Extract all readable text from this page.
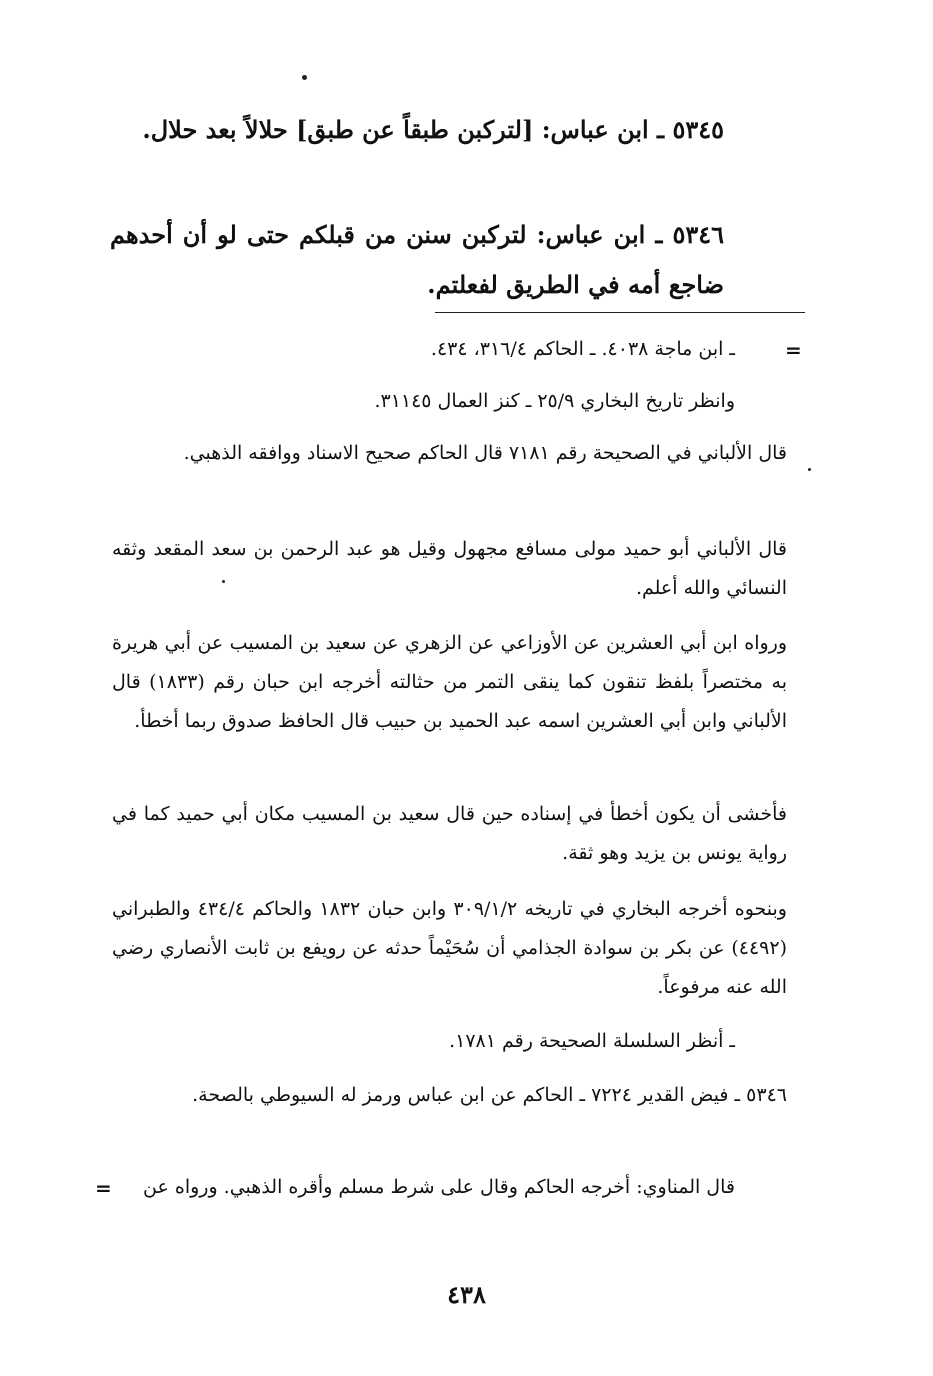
٥٣٤٥ ـ ابن عباس: [لتركبن طبقاً عن طبق] حلالاً بعد حلال.
٥٣٤٦ ـ ابن عباس: لتركبن سنن من قبلكم حتى لو أن أحدهم ضاجع أمه في الطريق لفعلتم.
=
ـ ابن ماجة ٤٠٣٨. ـ الحاكم ٣١٦/٤، ٤٣٤.
وانظر تاريخ البخاري ٢٥/٩ ـ كنز العمال ٣١١٤٥.
قال الألباني في الصحيحة رقم ٧١٨١ قال الحاكم صحيح الاسناد ووافقه الذهبي.
قال الألباني أبو حميد مولى مسافع مجهول وقيل هو عبد الرحمن بن سعد المقعد وثقه النسائي والله أعلم.
ورواه ابن أبي العشرين عن الأوزاعي عن الزهري عن سعيد بن المسيب عن أبي هريرة به مختصراً بلفظ تنقون كما ينقى التمر من حثالته أخرجه ابن حبان رقم (١٨٣٣) قال الألباني وابن أبي العشرين اسمه عبد الحميد بن حبيب قال الحافظ صدوق ربما أخطأ.
فأخشى أن يكون أخطأ في إسناده حين قال سعيد بن المسيب مكان أبي حميد كما في رواية يونس بن يزيد وهو ثقة.
وبنحوه أخرجه البخاري في تاريخه ٣٠٩/١/٢ وابن حبان ١٨٣٢ والحاكم ٤٣٤/٤ والطبراني (٤٤٩٢) عن بكر بن سوادة الجذامي أن سُحَيْماً حدثه عن رويفع بن ثابت الأنصاري رضي الله عنه مرفوعاً.
ـ أنظر السلسلة الصحيحة رقم ١٧٨١.
٥٣٤٦ ـ فيض القدير ٧٢٢٤ ـ الحاكم عن ابن عباس ورمز له السيوطي بالصحة.
قال المناوي: أخرجه الحاكم وقال على شرط مسلم وأقره الذهبي. ورواه عن
=
٤٣٨
